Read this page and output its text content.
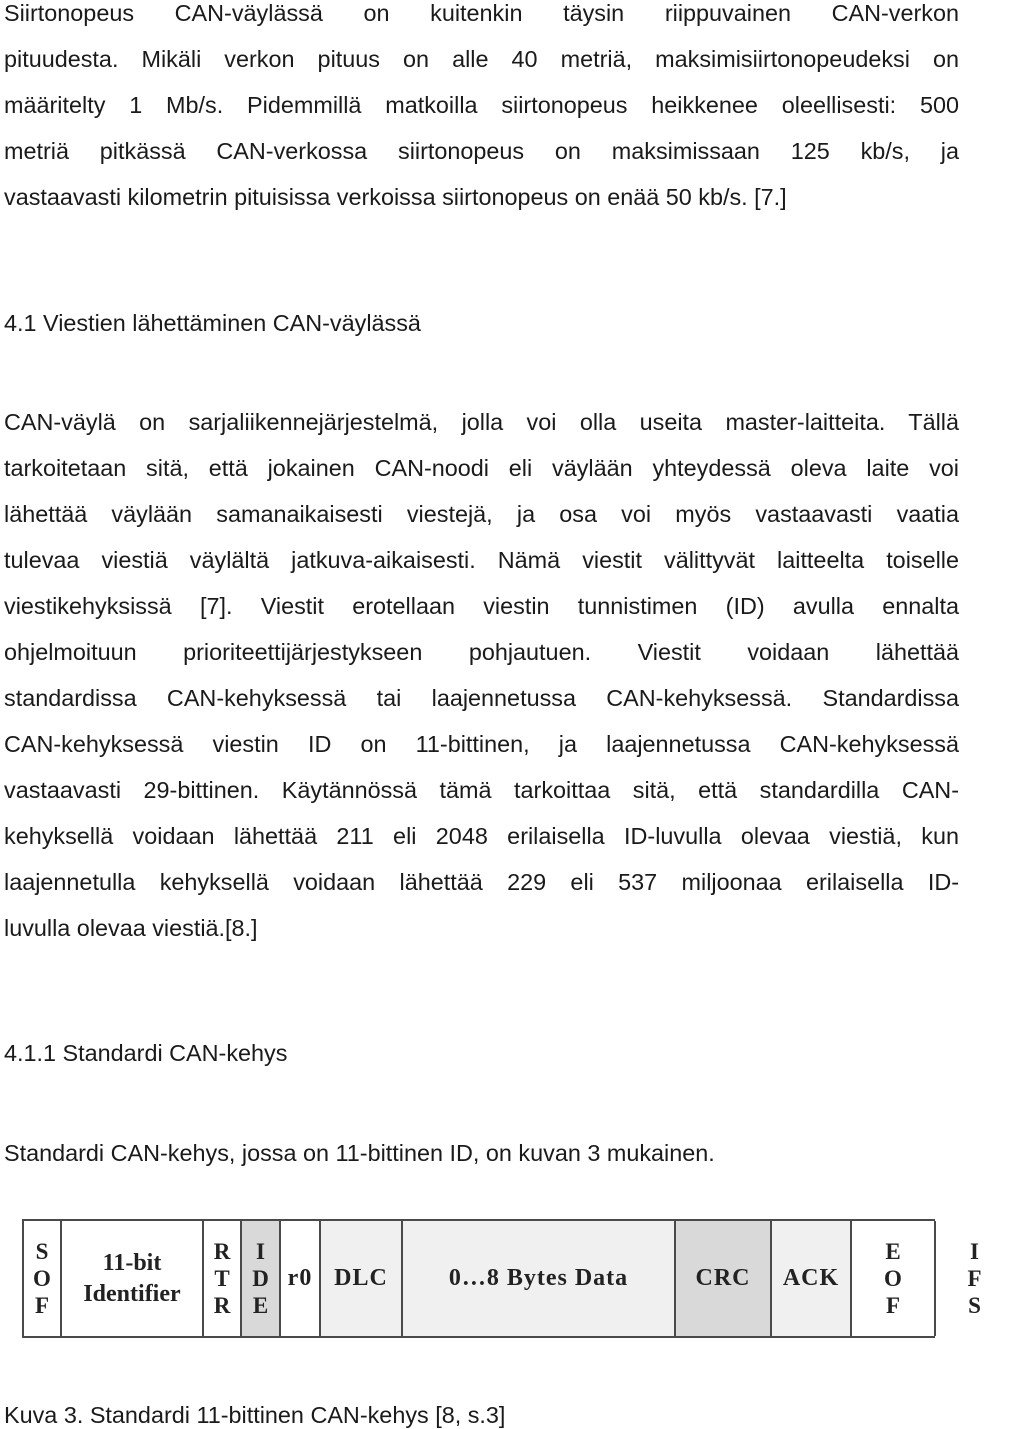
Siirtonopeus CAN-väylässä on kuitenkin täysin riippuvainen CAN-verkon
pituudesta. Mikäli verkon pituus on alle 40 metriä, maksimisiirtonopeudeksi on
määritelty 1 Mb/s. Pidemmillä matkoilla siirtonopeus heikkenee oleellisesti: 500
metriä pitkässä CAN-verkossa siirtonopeus on maksimissaan 125 kb/s, ja
vastaavasti kilometrin pituisissa verkoissa siirtonopeus on enää 50 kb/s. [7.]
4.1 Viestien lähettäminen CAN-väylässä
CAN-väylä on sarjaliikennejärjestelmä, jolla voi olla useita master-laitteita. Tällä
tarkoitetaan sitä, että jokainen CAN-noodi eli väylään yhteydessä oleva laite voi
lähettää väylään samanaikaisesti viestejä, ja osa voi myös vastaavasti vaatia
tulevaa viestiä väylältä jatkuva-aikaisesti. Nämä viestit välittyvät laitteelta toiselle
viestikehyksissä [7]. Viestit erotellaan viestin tunnistimen (ID) avulla ennalta
ohjelmoituun prioriteettijärjestykseen pohjautuen. Viestit voidaan lähettää
standardissa CAN-kehyksessä tai laajennetussa CAN-kehyksessä. Standardissa
CAN-kehyksessä viestin ID on 11-bittinen, ja laajennetussa CAN-kehyksessä
vastaavasti 29-bittinen. Käytännössä tämä tarkoittaa sitä, että standardilla CAN-
kehyksellä voidaan lähettää 211 eli 2048 erilaisella ID-luvulla olevaa viestiä, kun
laajennetulla kehyksellä voidaan lähettää 229 eli 537 miljoonaa erilaisella ID-
luvulla olevaa viestiä.[8.]
4.1.1 Standardi CAN-kehys

Standardi CAN-kehys, jossa on 11-bittinen ID, on kuvan 3 mukainen.

S
O
F
11-bit
Identifier
R
T
R
I
D
E
r0 DLC	0…8 Bytes Data	CRC ACK
E
O
F
I
F
S

Kuva 3. Standardi 11-bittinen CAN-kehys [8, s.3]
